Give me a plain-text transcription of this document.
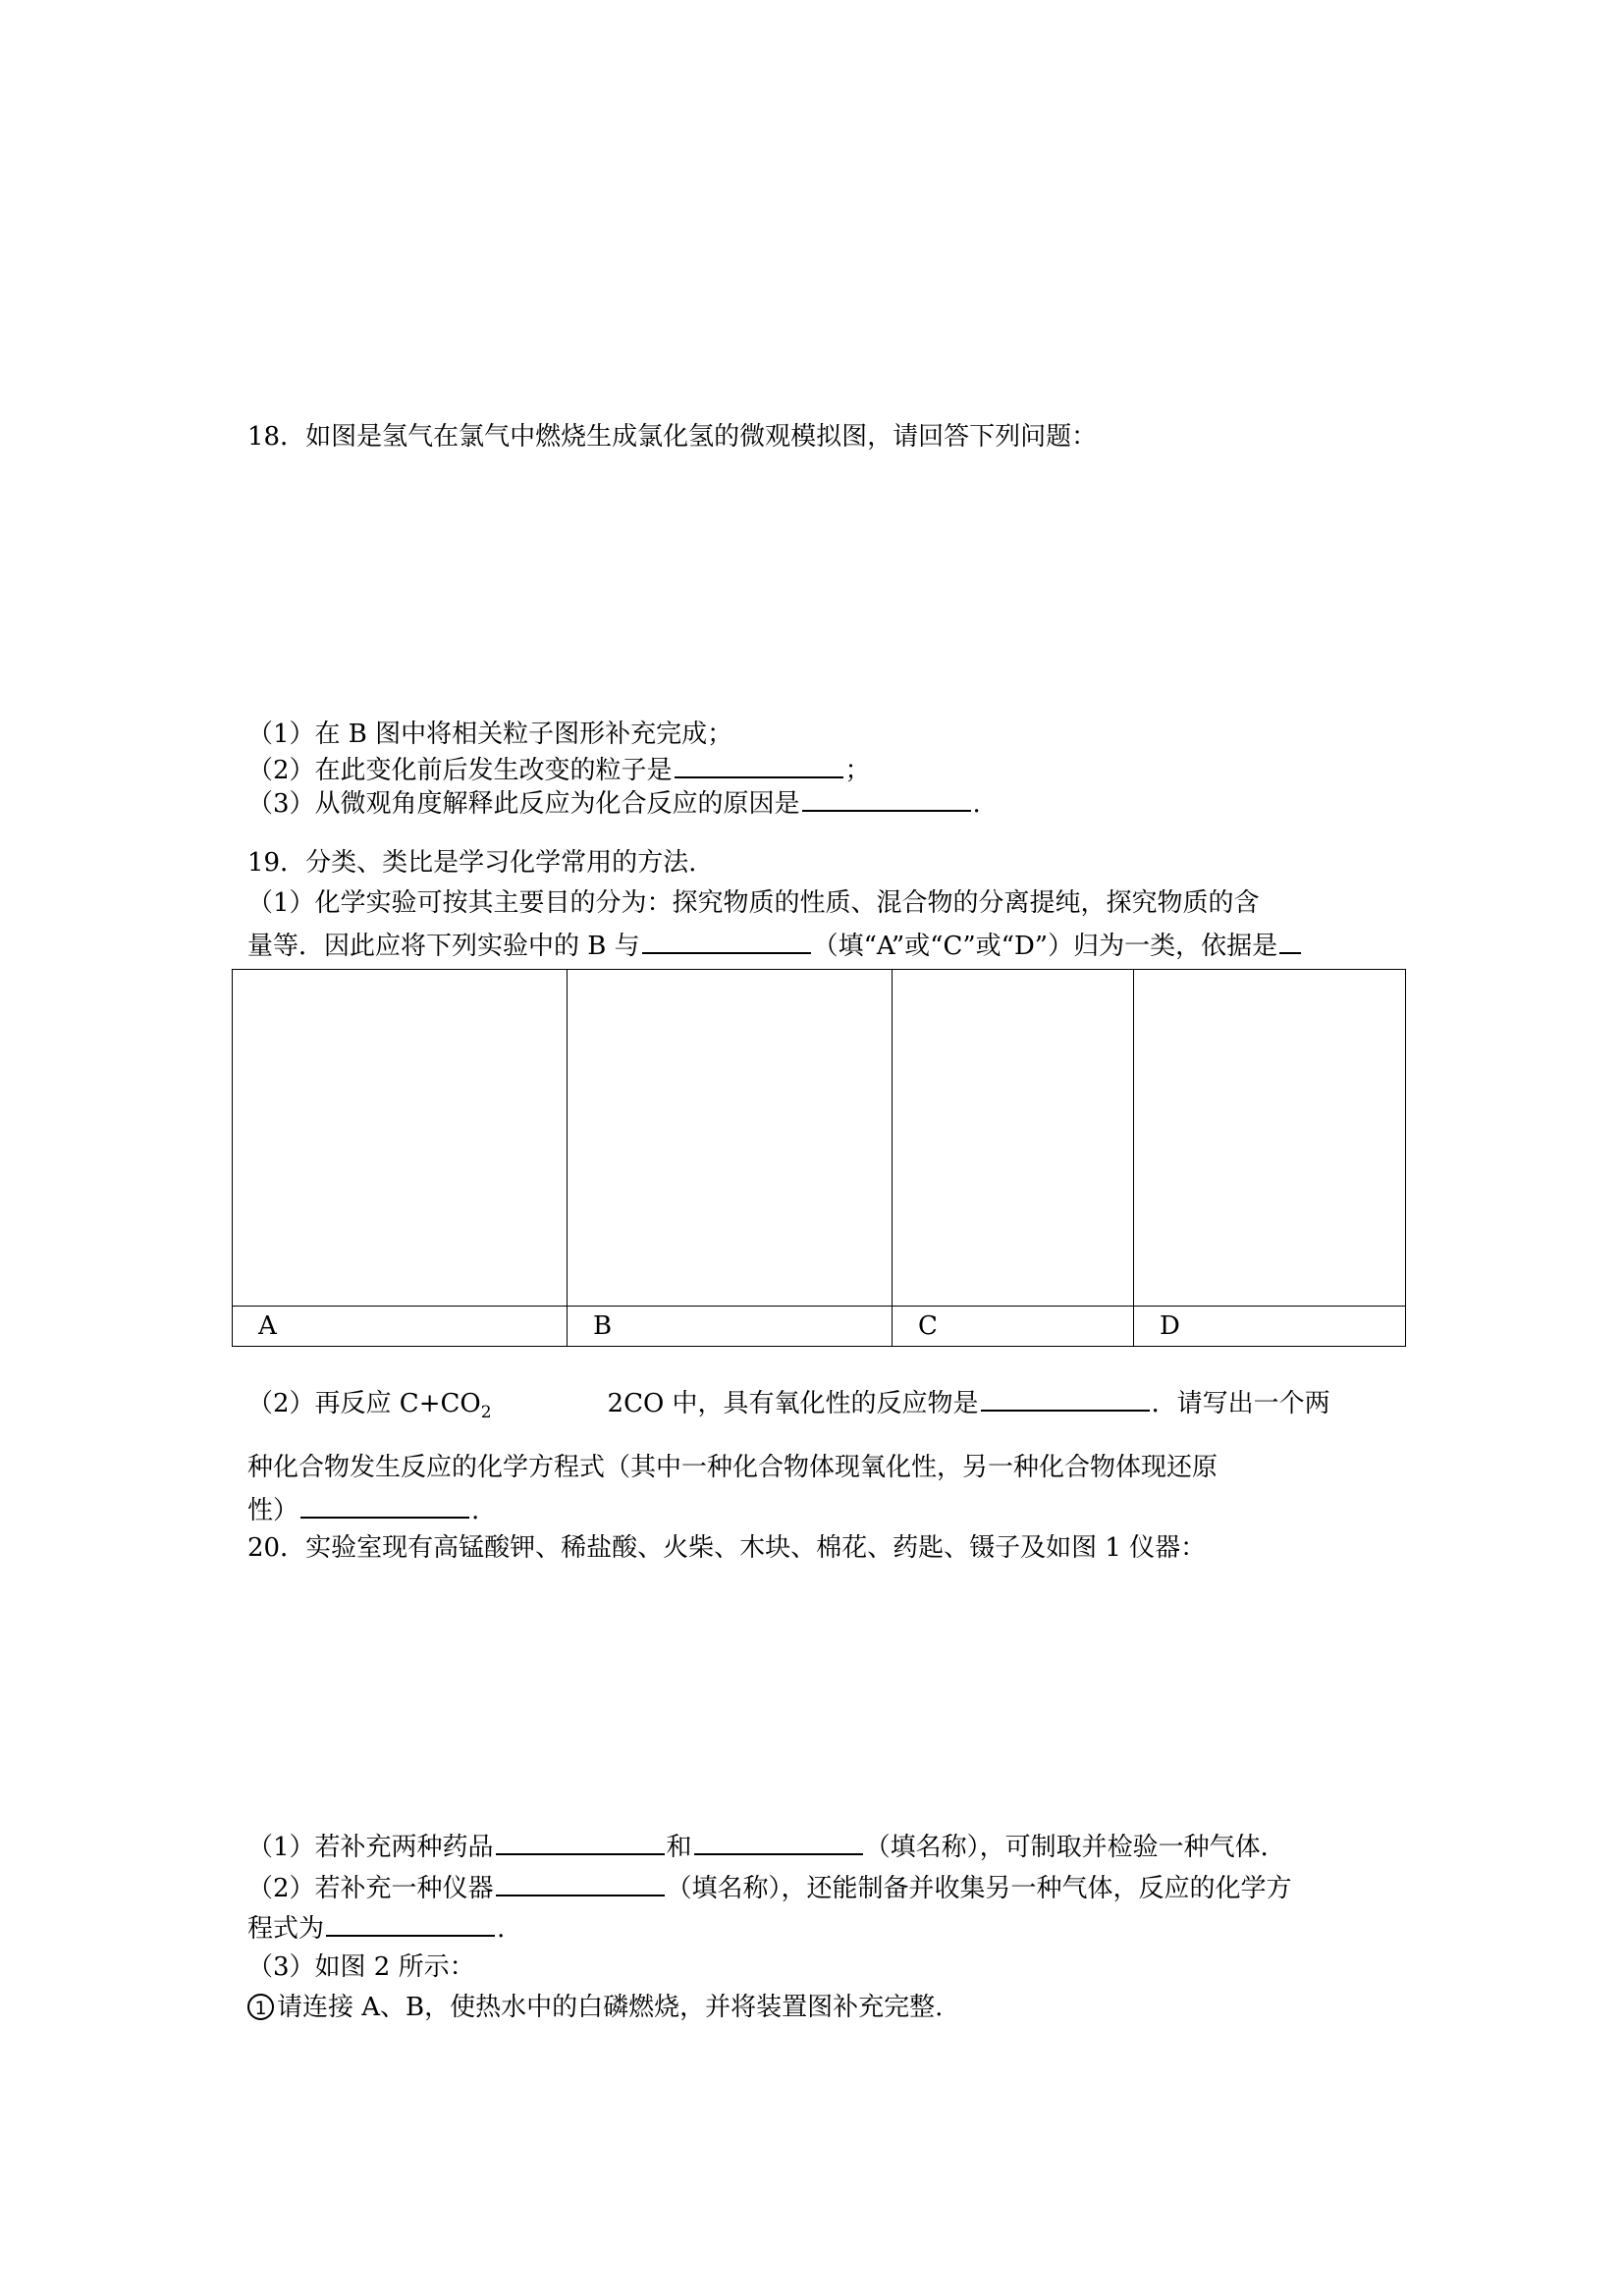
18．如图是氢气在氯气中燃烧生成氯化氢的微观模拟图，请回答下列问题：
（1）在 B 图中将相关粒子图形补充完成；
（2）在此变化前后发生改变的粒子是	；
（3）从微观角度解释此反应为化合反应的原因是	.
19．分类、类比是学习化学常用的方法.
（1）化学实验可按其主要目的分为：探究物质的性质、混合物的分离提纯，探究物质的含
量等．因此应将下列实验中的 B 与	（填“A”或“C”或“D”）归为一类，依据是

A	B	C	D
（2）再反应 $C+CO_2$	2CO 中，具有氧化性的反应物是	．请写出一个两
种化合物发生反应的化学方程式（其中一种化合物体现氧化性，另一种化合物体现还原
性）	.
20．实验室现有高锰酸钾、稀盐酸、火柴、木块、棉花、药匙、镊子及如图 1 仪器：
（1）若补充两种药品	和	（填名称），可制取并检验一种气体．
（2）若补充一种仪器	（填名称），还能制备并收集另一种气体，反应的化学方
程式为	.
（3）如图 2 所示：
1 请连接 A、B，使热水中的白磷燃烧，并将装置图补充完整.
